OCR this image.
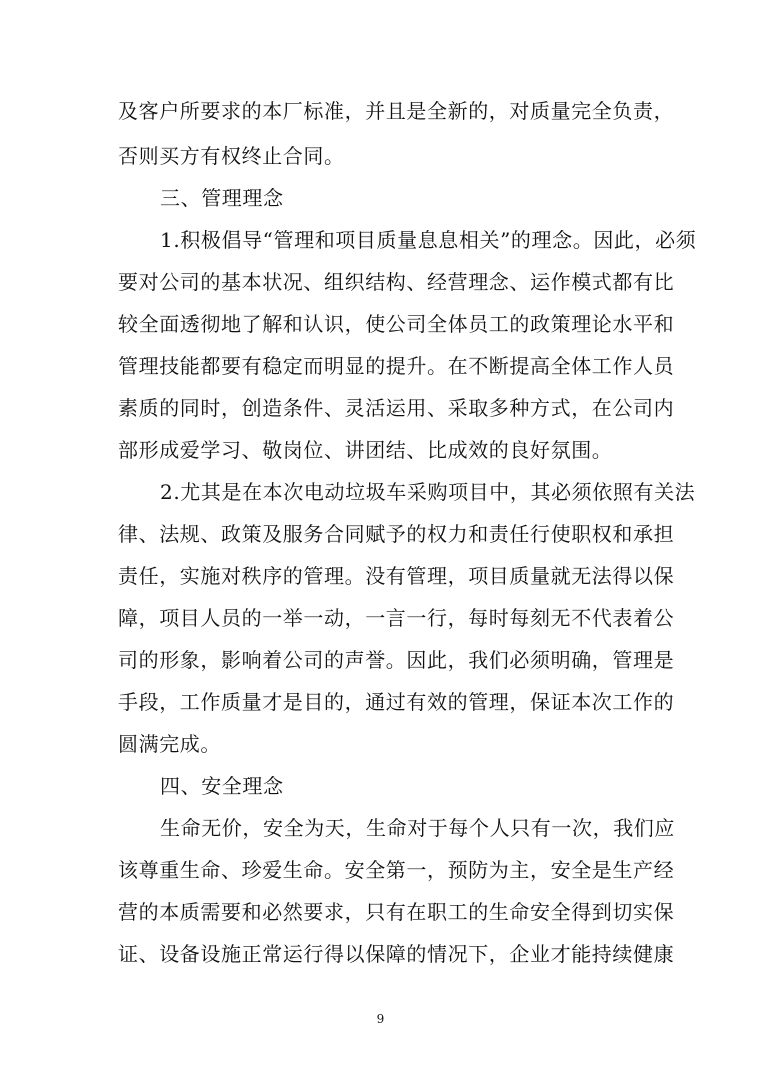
及客户所要求的本厂标准，并且是全新的，对质量完全负责，
否则买方有权终止合同。
三、管理理念
1.积极倡导“管理和项目质量息息相关”的理念。因此，必须
要对公司的基本状况、组织结构、经营理念、运作模式都有比
较全面透彻地了解和认识，使公司全体员工的政策理论水平和
管理技能都要有稳定而明显的提升。在不断提高全体工作人员
素质的同时，创造条件、灵活运用、采取多种方式，在公司内
部形成爱学习、敬岗位、讲团结、比成效的良好氛围。
2.尤其是在本次电动垃圾车采购项目中，其必须依照有关法
律、法规、政策及服务合同赋予的权力和责任行使职权和承担
责任，实施对秩序的管理。没有管理，项目质量就无法得以保
障，项目人员的一举一动，一言一行，每时每刻无不代表着公
司的形象，影响着公司的声誉。因此，我们必须明确，管理是
手段，工作质量才是目的，通过有效的管理，保证本次工作的
圆满完成。
四、安全理念
生命无价，安全为天，生命对于每个人只有一次，我们应
该尊重生命、珍爱生命。安全第一，预防为主，安全是生产经
营的本质需要和必然要求，只有在职工的生命安全得到切实保
证、设备设施正常运行得以保障的情况下，企业才能持续健康
9
